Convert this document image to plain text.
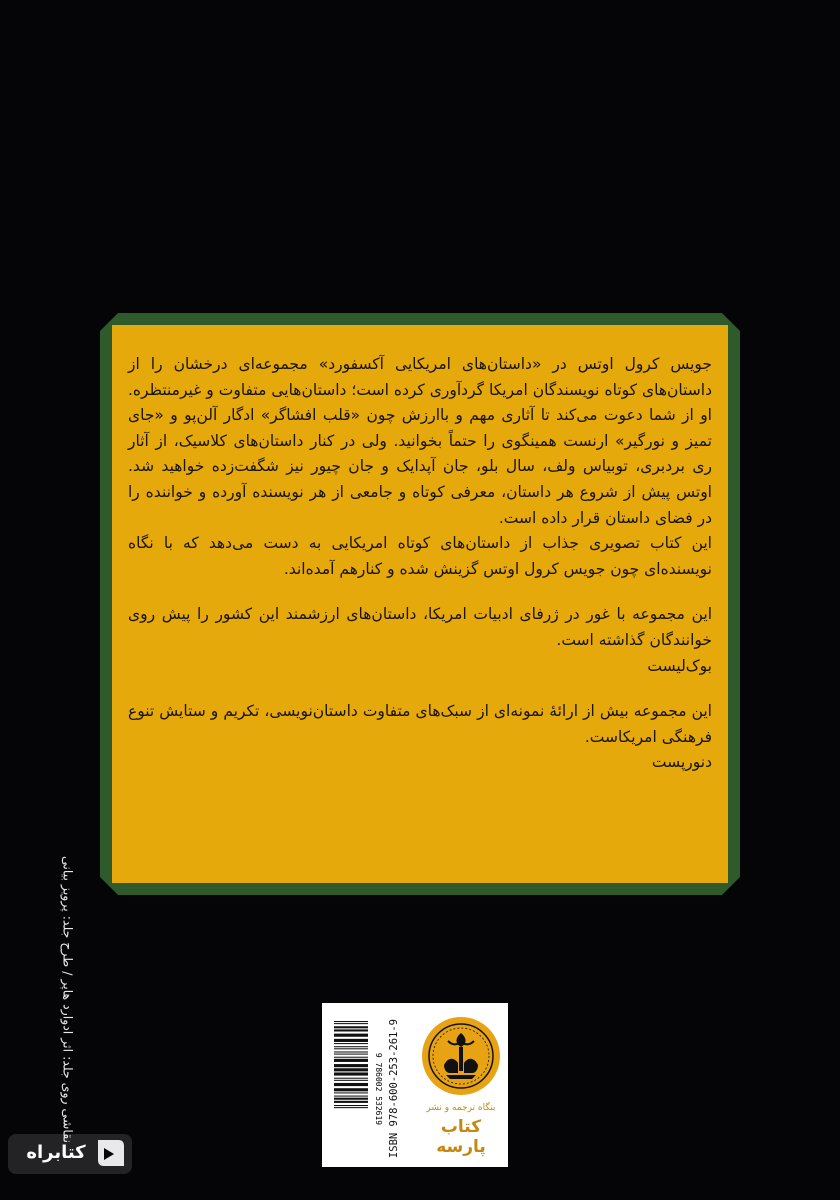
جویس کرول اوتس در «داستان‌های امریکایی آکسفورد» مجموعه‌ای درخشان را از داستان‌های کوتاه نویسندگان امریکا گردآوری کرده است؛ داستان‌هایی متفاوت و غیرمنتظره. او از شما دعوت می‌کند تا آثاری مهم و باارزش چون «قلب افشاگر» ادگار آلن‌پو و «جای تمیز و نورگیر» ارنست همینگوی را حتماً بخوانید. ولی در کنار داستان‌های کلاسیک، از آثار ری بردبری، توبیاس ولف، سال بلو، جان آپدایک و جان چیور نیز شگفت‌زده خواهید شد. اوتس پیش از شروع هر داستان، معرفی کوتاه و جامعی از هر نویسنده آورده و خواننده را در فضای داستان قرار داده است.

این کتاب تصویری جذاب از داستان‌های کوتاه امریکایی به دست می‌دهد که با نگاه نویسنده‌ای چون جویس کرول اوتس گزینش شده و کنارهم آمده‌اند.

این مجموعه با غور در ژرفای ادبیات امریکا، داستان‌های ارزشمند این کشور را پیش روی خوانندگان گذاشته است.

بوک‌لیست

این مجموعه بیش از ارائهٔ نمونه‌ای از سبک‌های متفاوت داستان‌نویسی، تکریم و ستایش تنوع فرهنگی امریکاست.

دنورپست

نقاشی روی جلد: اثر ادوارد هاپر / طرح جلد: پرویز بیانی	9 786002 532619 ISBN 978-600-253-261-9	بنگاه ترجمه و نشر
کتاب پارسه
کتابراه
